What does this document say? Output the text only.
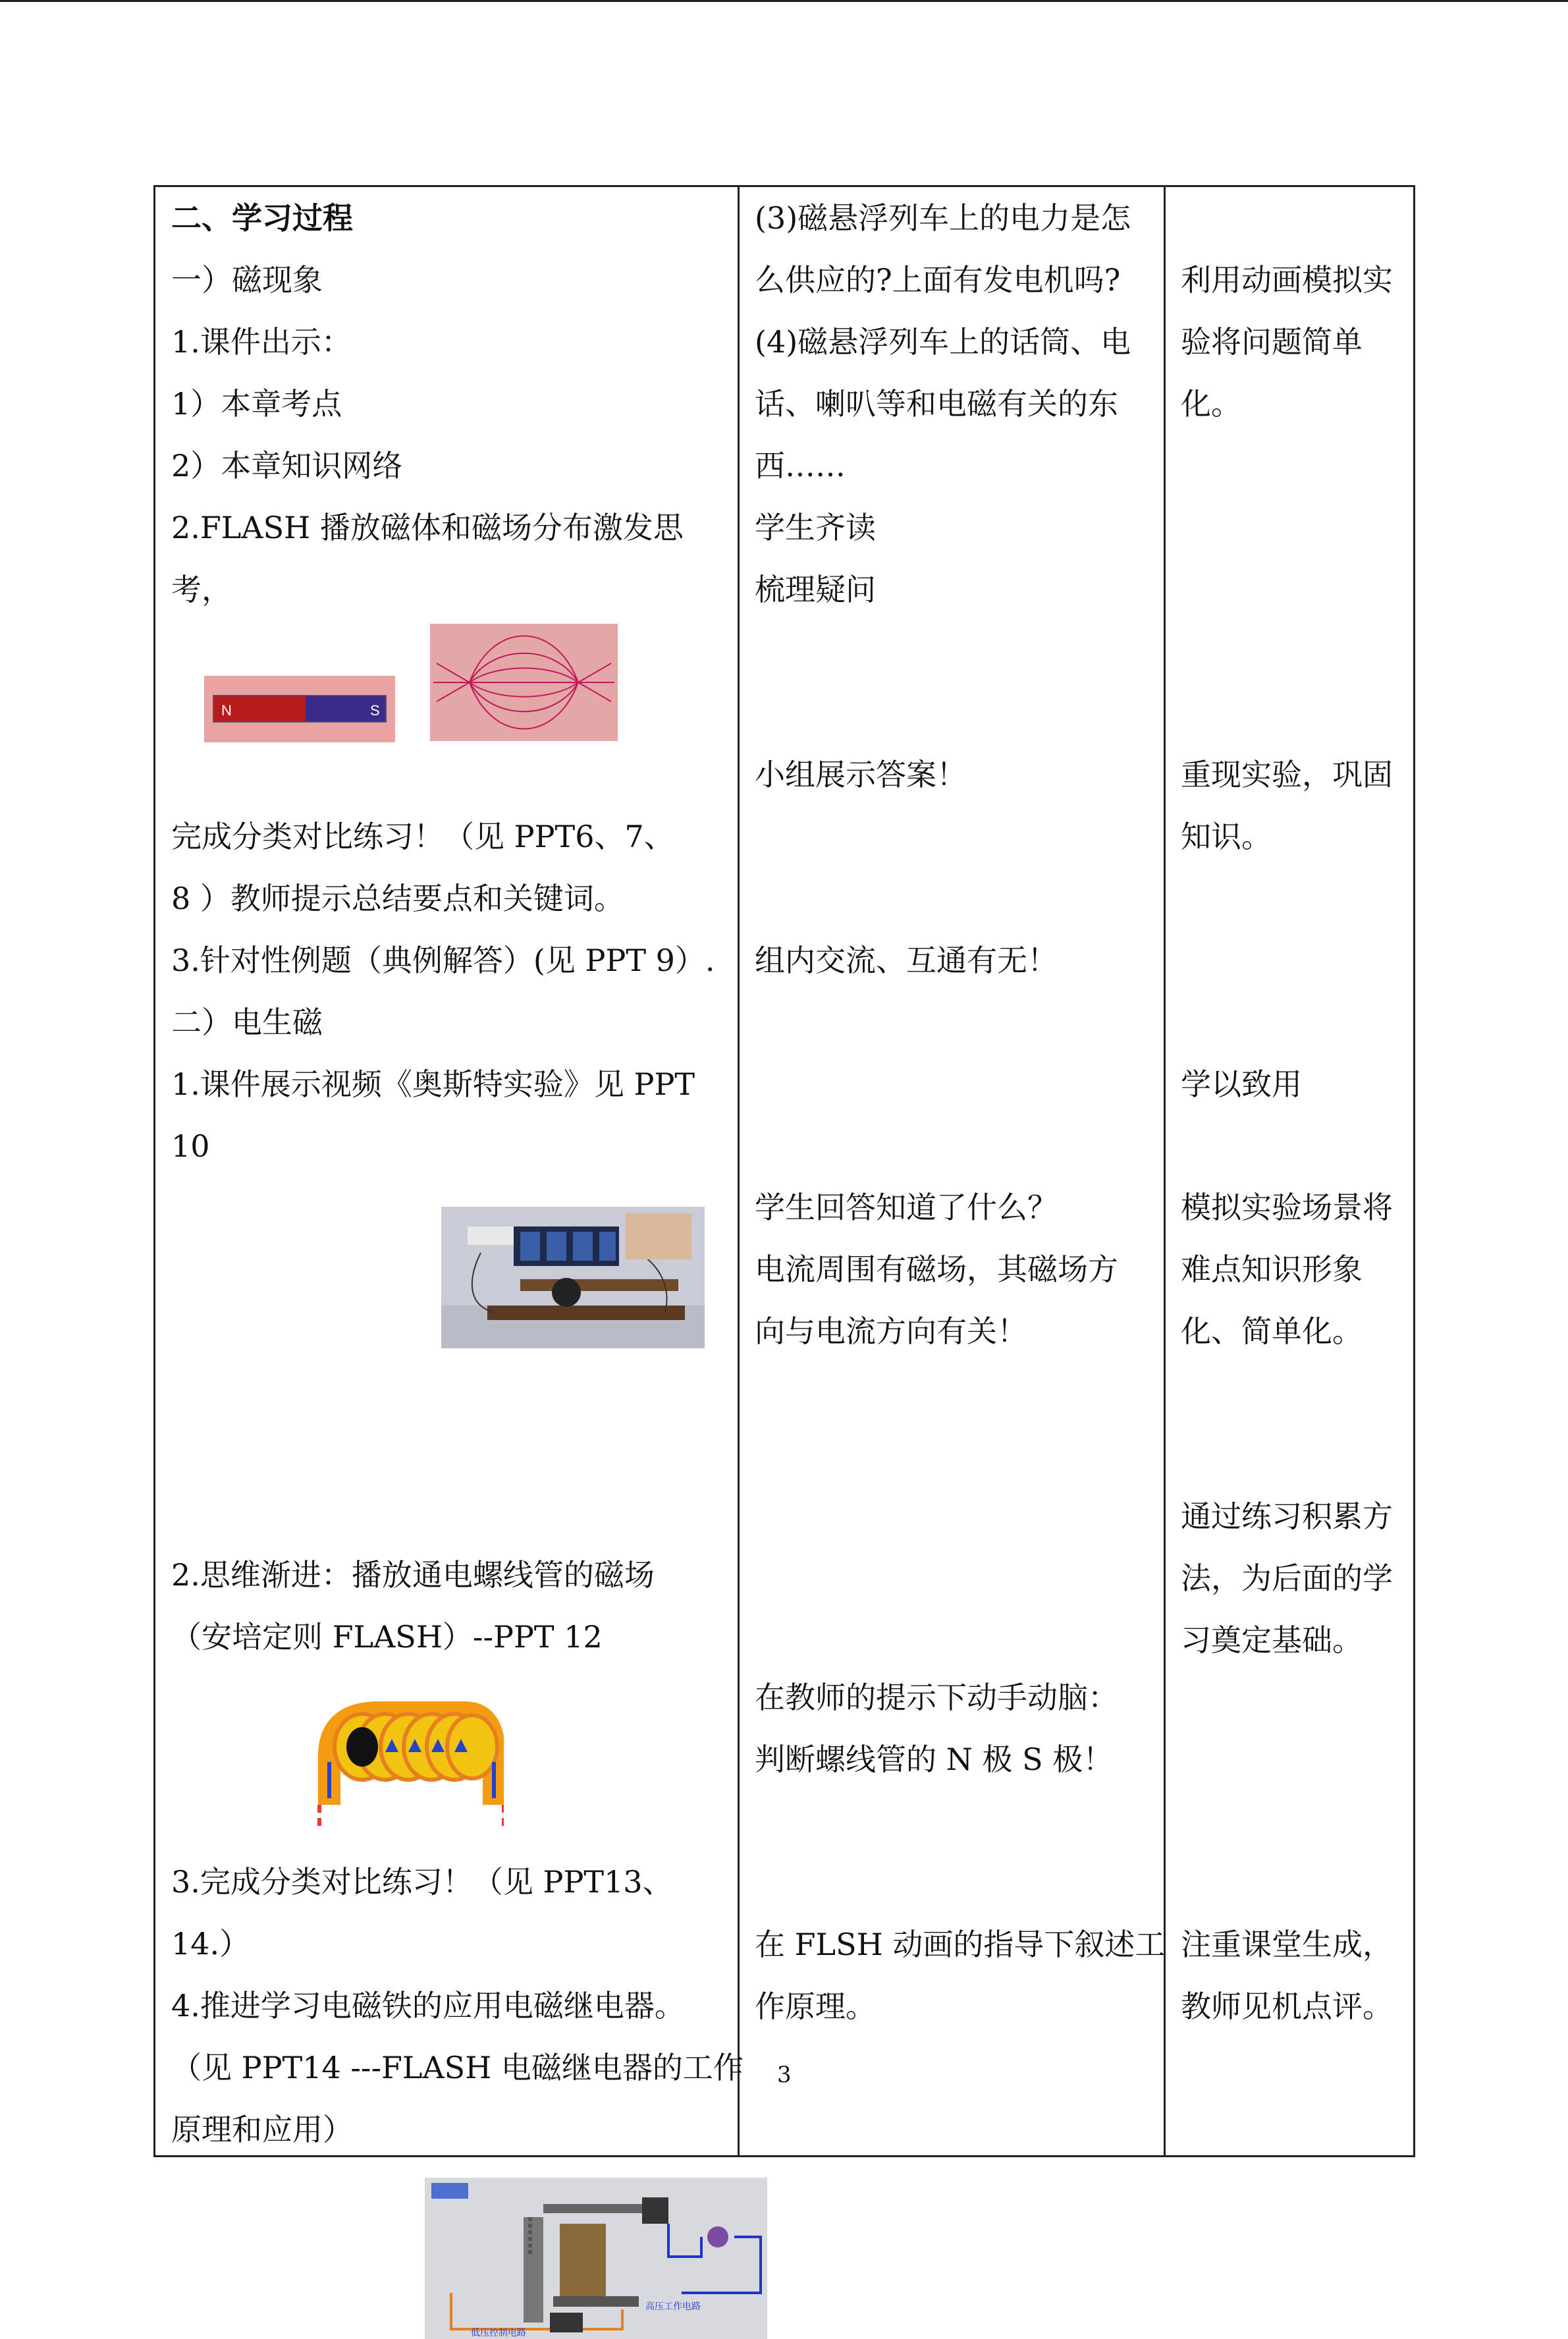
二、学习过程
一）磁现象
1.课件出示：
1）本章考点
2）本章知识网络
2.FLASH 播放磁体和磁场分布激发思
考，
N	S
完成分类对比练习！（见 PPT6、7、
8 ）教师提示总结要点和关键词。
3.针对性例题（典例解答）(见 PPT 9）.
二）电生磁
1.课件展示视频《奥斯特实验》见 PPT
10
2.思维渐进：播放通电螺线管的磁场
（安培定则 FLASH）--PPT 12
3.完成分类对比练习！（见 PPT13、
14.）
4.推进学习电磁铁的应用电磁继电器。
（见 PPT14 ---FLASH 电磁继电器的工作
原理和应用）
低压控制电路
高压工作电路
(3)磁悬浮列车上的电力是怎
么供应的?上面有发电机吗?
(4)磁悬浮列车上的话筒、电
话、喇叭等和电磁有关的东
西……
学生齐读
梳理疑问
小组展示答案！
组内交流、互通有无！
学生回答知道了什么？
电流周围有磁场，其磁场方
向与电流方向有关！
在教师的提示下动手动脑：
判断螺线管的 N 极 S 极！
在 FLSH 动画的指导下叙述工
作原理。
利用动画模拟实
验将问题简单
化。
重现实验，巩固
知识。
学以致用
模拟实验场景将
难点知识形象
化、简单化。
通过练习积累方
法，为后面的学
习奠定基础。
注重课堂生成，
教师见机点评。
3
